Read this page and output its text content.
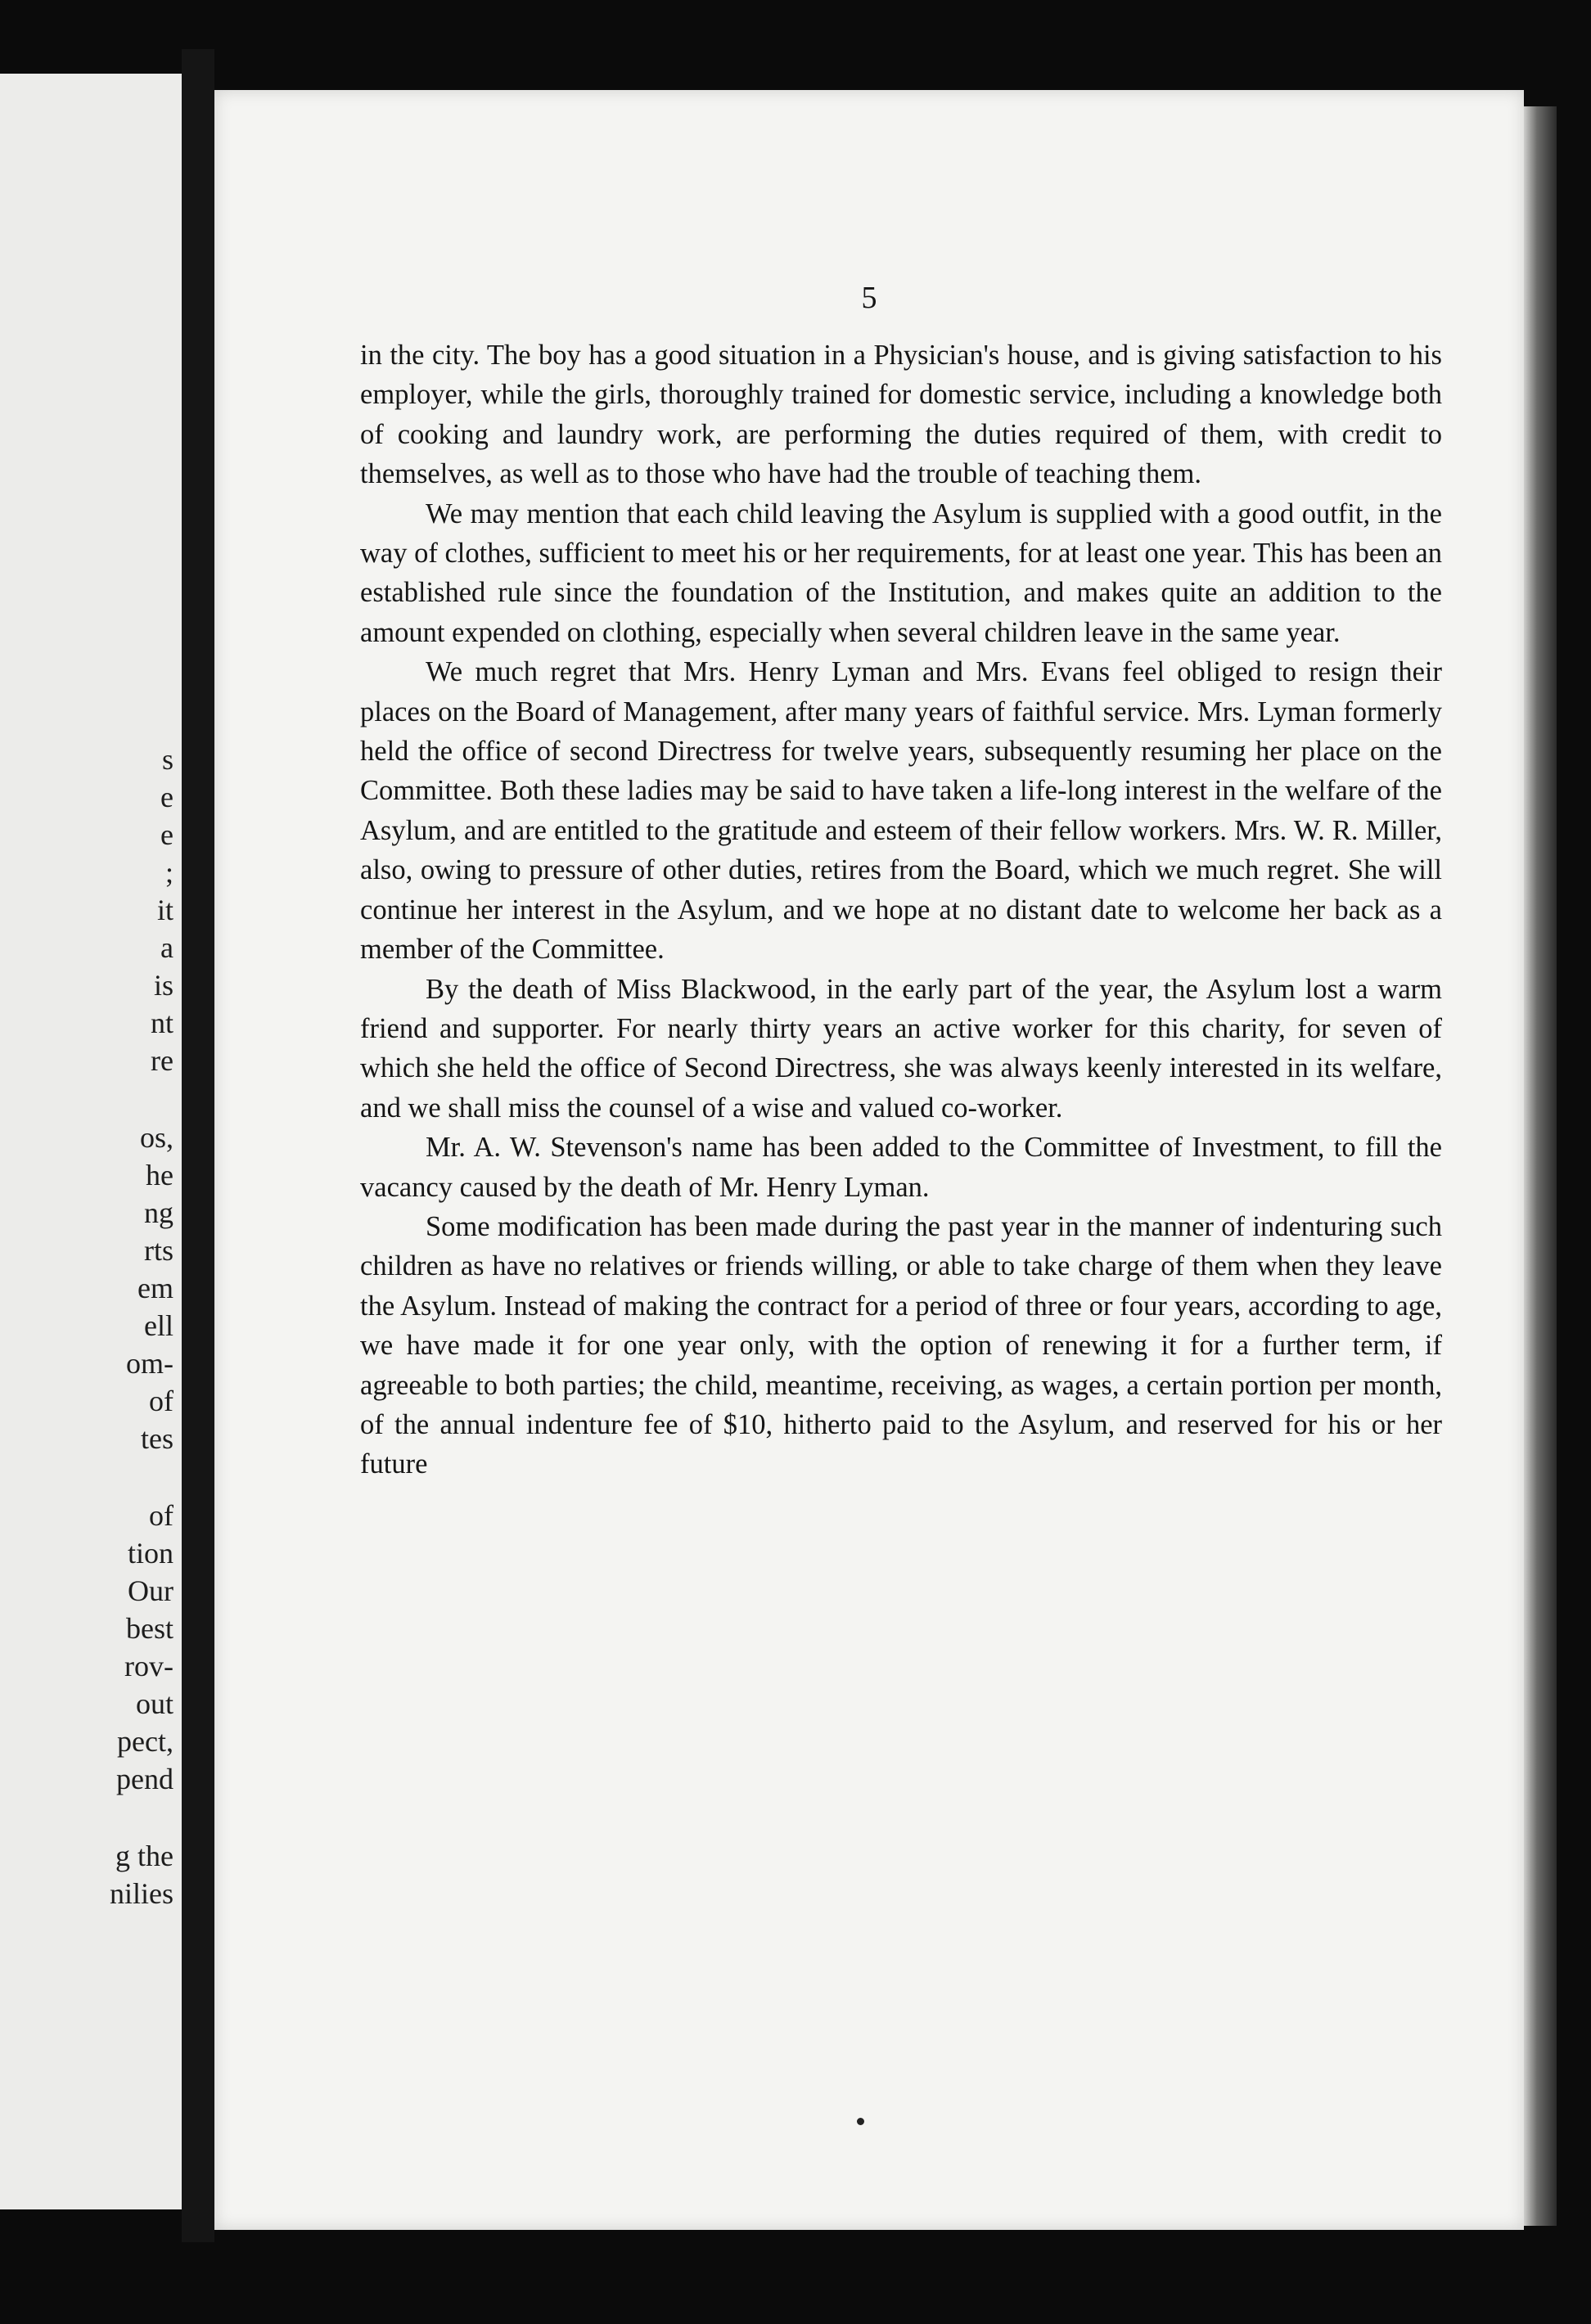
s
e
e
;
it
a
is
nt
re
os,
he
ng
rts
em
ell
om-
of
tes
of
tion
Our
best
rov-
out
pect,
pend
g the
nilies
5

in the city. The boy has a good situation in a Physician's house, and is giving satisfaction to his employer, while the girls, thoroughly trained for domestic service, including a knowledge both of cooking and laundry work, are performing the duties required of them, with credit to themselves, as well as to those who have had the trouble of teaching them.

We may mention that each child leaving the Asylum is supplied with a good outfit, in the way of clothes, sufficient to meet his or her requirements, for at least one year. This has been an established rule since the foundation of the Institution, and makes quite an addition to the amount expended on clothing, especially when several children leave in the same year.

We much regret that Mrs. Henry Lyman and Mrs. Evans feel obliged to resign their places on the Board of Management, after many years of faithful service. Mrs. Lyman formerly held the office of second Directress for twelve years, subsequently resuming her place on the Committee. Both these ladies may be said to have taken a life-long interest in the welfare of the Asylum, and are entitled to the gratitude and esteem of their fellow workers. Mrs. W. R. Miller, also, owing to pressure of other duties, retires from the Board, which we much regret. She will continue her interest in the Asylum, and we hope at no distant date to welcome her back as a member of the Committee.

By the death of Miss Blackwood, in the early part of the year, the Asylum lost a warm friend and supporter. For nearly thirty years an active worker for this charity, for seven of which she held the office of Second Directress, she was always keenly interested in its welfare, and we shall miss the counsel of a wise and valued co-worker.

Mr. A. W. Stevenson's name has been added to the Committee of Investment, to fill the vacancy caused by the death of Mr. Henry Lyman.

Some modification has been made during the past year in the manner of indenturing such children as have no relatives or friends willing, or able to take charge of them when they leave the Asylum. Instead of making the contract for a period of three or four years, according to age, we have made it for one year only, with the option of renewing it for a further term, if agreeable to both parties; the child, meantime, receiving, as wages, a certain portion per month, of the annual indenture fee of $10, hitherto paid to the Asylum, and reserved for his or her future
